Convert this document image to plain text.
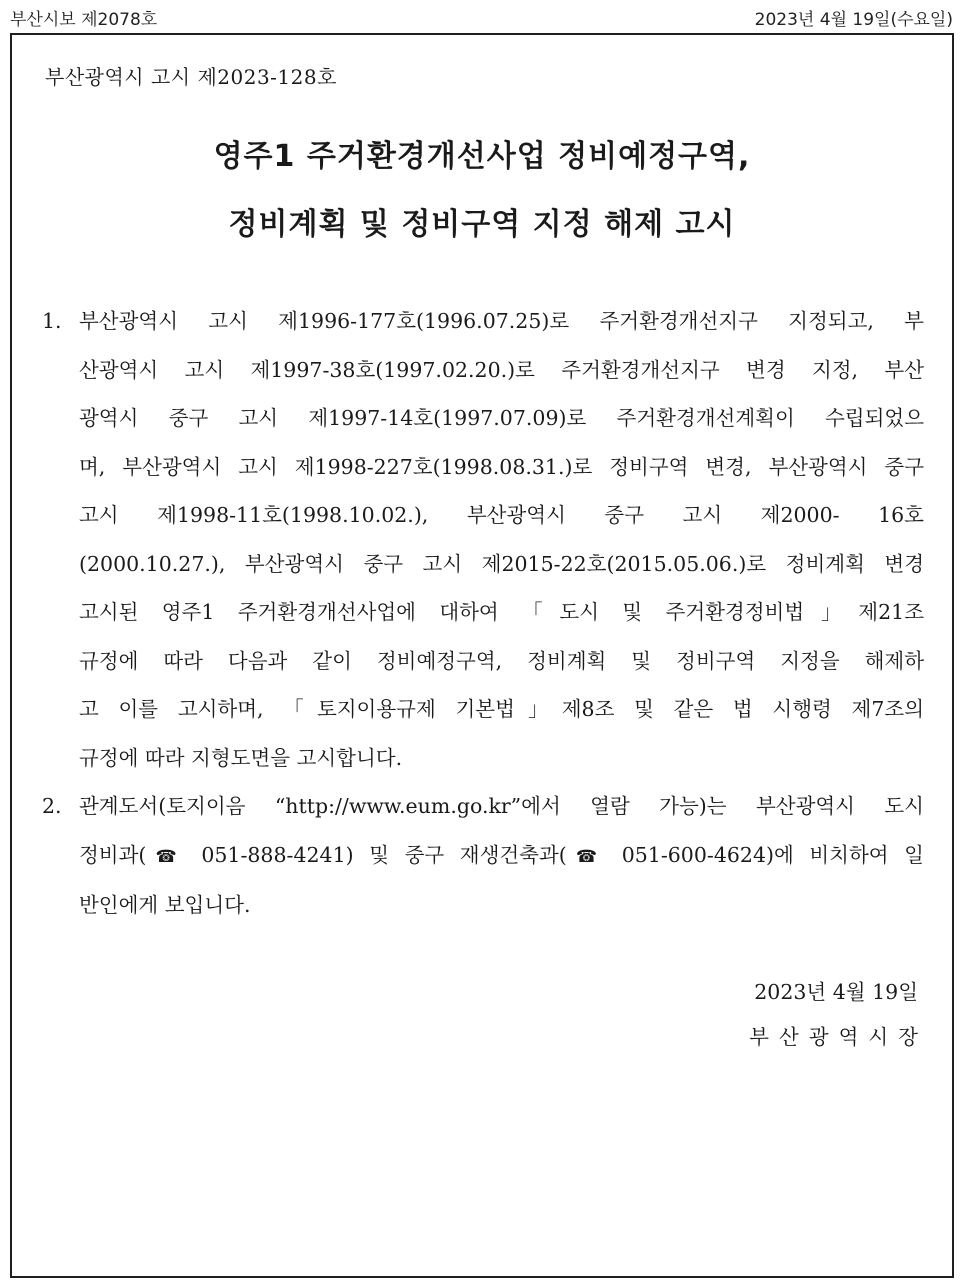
부산시보 제2078호	2023년 4월 19일(수요일)
부산광역시 고시 제2023-128호
영주1 주거환경개선사업 정비예정구역,
정비계획 및 정비구역 지정 해제 고시
1. 부산광역시 고시 제1996-177호(1996.07.25)로 주거환경개선지구 지정되고, 부
산광역시 고시 제1997-38호(1997.02.20.)로 주거환경개선지구 변경 지정, 부산
광역시 중구 고시 제1997-14호(1997.07.09)로 주거환경개선계획이 수립되었으
며, 부산광역시 고시 제1998-227호(1998.08.31.)로 정비구역 변경, 부산광역시 중구
고시 제1998-11호(1998.10.02.), 부산광역시 중구 고시 제2000- 16호
(2000.10.27.), 부산광역시 중구 고시 제2015-22호(2015.05.06.)로 정비계획 변경
고시된 영주1 주거환경개선사업에 대하여 「도시 및 주거환경정비법」제21조
규정에 따라 다음과 같이 정비예정구역, 정비계획 및 정비구역 지정을 해제하
고 이를 고시하며, 「토지이용규제 기본법」제8조 및 같은 법 시행령 제7조의
규정에 따라 지형도면을 고시합니다.
2. 관계도서(토지이음 “http://www.eum.go.kr”에서 열람 가능)는 부산광역시 도시
정비과(☎ 051-888-4241) 및 중구 재생건축과(☎ 051-600-4624)에 비치하여 일
반인에게 보입니다.
2023년 4월 19일
부산광역시장
